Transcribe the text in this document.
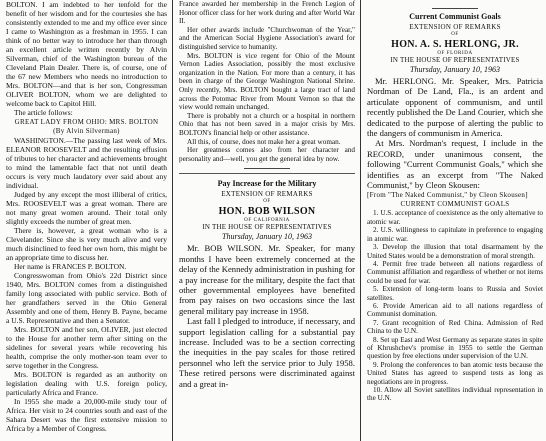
BOLTON. I am indebted to her tenfold for the benefit of her wisdom and for the courtesies she has consistently extended to me and my office ever since I came to Washington as a freshman in 1955. I can think of no better way to introduce her than through an excellent article written recently by Alvin Silverman, chief of the Washington bureau of the Cleveland Plain Dealer. There is, of course, one of the 67 new Members who needs no introduction to Mrs. BOLTON—and that is her son, Congressman OLIVER BOLTON, whom we are delighted to welcome back to Capitol Hill.

The article follows:

GREAT LADY FROM OHIO: MRS. BOLTON
(By Alvin Silverman)

WASHINGTON.—The passing last week of Mrs. ELEANOR ROOSEVELT and the resulting effusion of tributes to her character and achievements brought to mind the lamentable fact that not until death occurs is very much laudatory ever said about any individual.

Judged by any except the most illiberal of critics, Mrs. ROOSEVELT was a great woman. There are not many great women around. Their total only slightly exceeds the number of great men.

There is, however, a great woman who is a Clevelander. Since she is very much alive and very much disinclined to feed her own horn, this might be an appropriate time to discuss her.

Her name is FRANCES P. BOLTON.

Congresswoman from Ohio's 22d District since 1940, Mrs. BOLTON comes from a distinguished family long associated with public service. Both of her grandfathers served in the Ohio General Assembly and one of them, Henry B. Payne, became a U.S. Representative and then a Senator.

Mrs. BOLTON and her son, OLIVER, just elected to the House for another term after sitting on the sidelines for several years while recovering his health, comprise the only mother-son team ever to serve together in the Congress.

Mrs. BOLTON is regarded as an authority on legislation dealing with U.S. foreign policy, particularly Africa and France.

In 1955 she made a 20,000-mile study tour of Africa. Her visit to 24 countries south and east of the Sahara Desert was the first extensive mission to Africa by a Member of Congress.

France awarded her membership in the French Legion of Honor officer class for her work during and after World War II.

Her other awards include "Churchwoman of the Year," and the American Social Hygiene Association's award for distinguished service to humanity.

Mrs. BOLTON is vice regent for Ohio of the Mount Vernon Ladies Association, possibly the most exclusive organization in the Nation. For more than a century, it has been in charge of the George Washington National Shrine. Only recently, Mrs. BOLTON bought a large tract of land across the Potomac River from Mount Vernon so that the view would remain unchanged.

There is probably not a church or a hospital in northern Ohio that has not been saved in a major crisis by Mrs. BOLTON's financial help or other assistance.

All this, of course, does not make her a great woman.

Her greatness comes also from her character and personality and—well, you get the general idea by now.

Pay Increase for the Military
EXTENSION OF REMARKS
OF
HON. BOB WILSON
OF CALIFORNIA
IN THE HOUSE OF REPRESENTATIVES
Thursday, January 10, 1963

Mr. BOB WILSON. Mr. Speaker, for many months I have been extremely concerned at the delay of the Kennedy administration in pushing for a pay increase for the military, despite the fact that other governmental employees have benefited from pay raises on two occasions since the last general military pay increase in 1958.

Last fall I pledged to introduce, if necessary, and support legislation calling for a substantial pay increase. Included was to be a section correcting the inequities in the pay scales for those retired personnel who left the service prior to July 1958. These retired persons were discriminated against and a great in-

Current Communist Goals
EXTENSION OF REMARKS
OF
HON. A. S. HERLONG, JR.
OF FLORIDA
IN THE HOUSE OF REPRESENTATIVES
Thursday, January 10, 1963

Mr. HERLONG. Mr. Speaker, Mrs. Patricia Nordman of De Land, Fla., is an ardent and articulate opponent of communism, and until recently published the De Land Courier, which she dedicated to the purpose of alerting the public to the dangers of communism in America.

At Mrs. Nordman's request, I include in the RECORD, under unanimous consent, the following "Current Communist Goals," which she identifies as an excerpt from "The Naked Communist," by Cleon Skousen:

[From "The Naked Communist," by Cleon Skousen]
CURRENT COMMUNIST GOALS

1. U.S. acceptance of coexistence as the only alternative to atomic war.

2. U.S. willingness to capitulate in preference to engaging in atomic war.

3. Develop the illusion that total disarmament by the United States would be a demonstration of moral strength.

4. Permit free trade between all nations regardless of Communist affiliation and regardless of whether or not items could be used for war.

5. Extension of long-term loans to Russia and Soviet satellites.

6. Provide American aid to all nations regardless of Communist domination.

7. Grant recognition of Red China. Admission of Red China to the U.N.

8. Set up East and West Germany as separate states in spite of Khrushchev's promise in 1955 to settle the German question by free elections under supervision of the U.N.

9. Prolong the conferences to ban atomic tests because the United States has agreed to suspend tests as long as negotiations are in progress.

10. Allow all Soviet satellites individual representation in the U.N.
